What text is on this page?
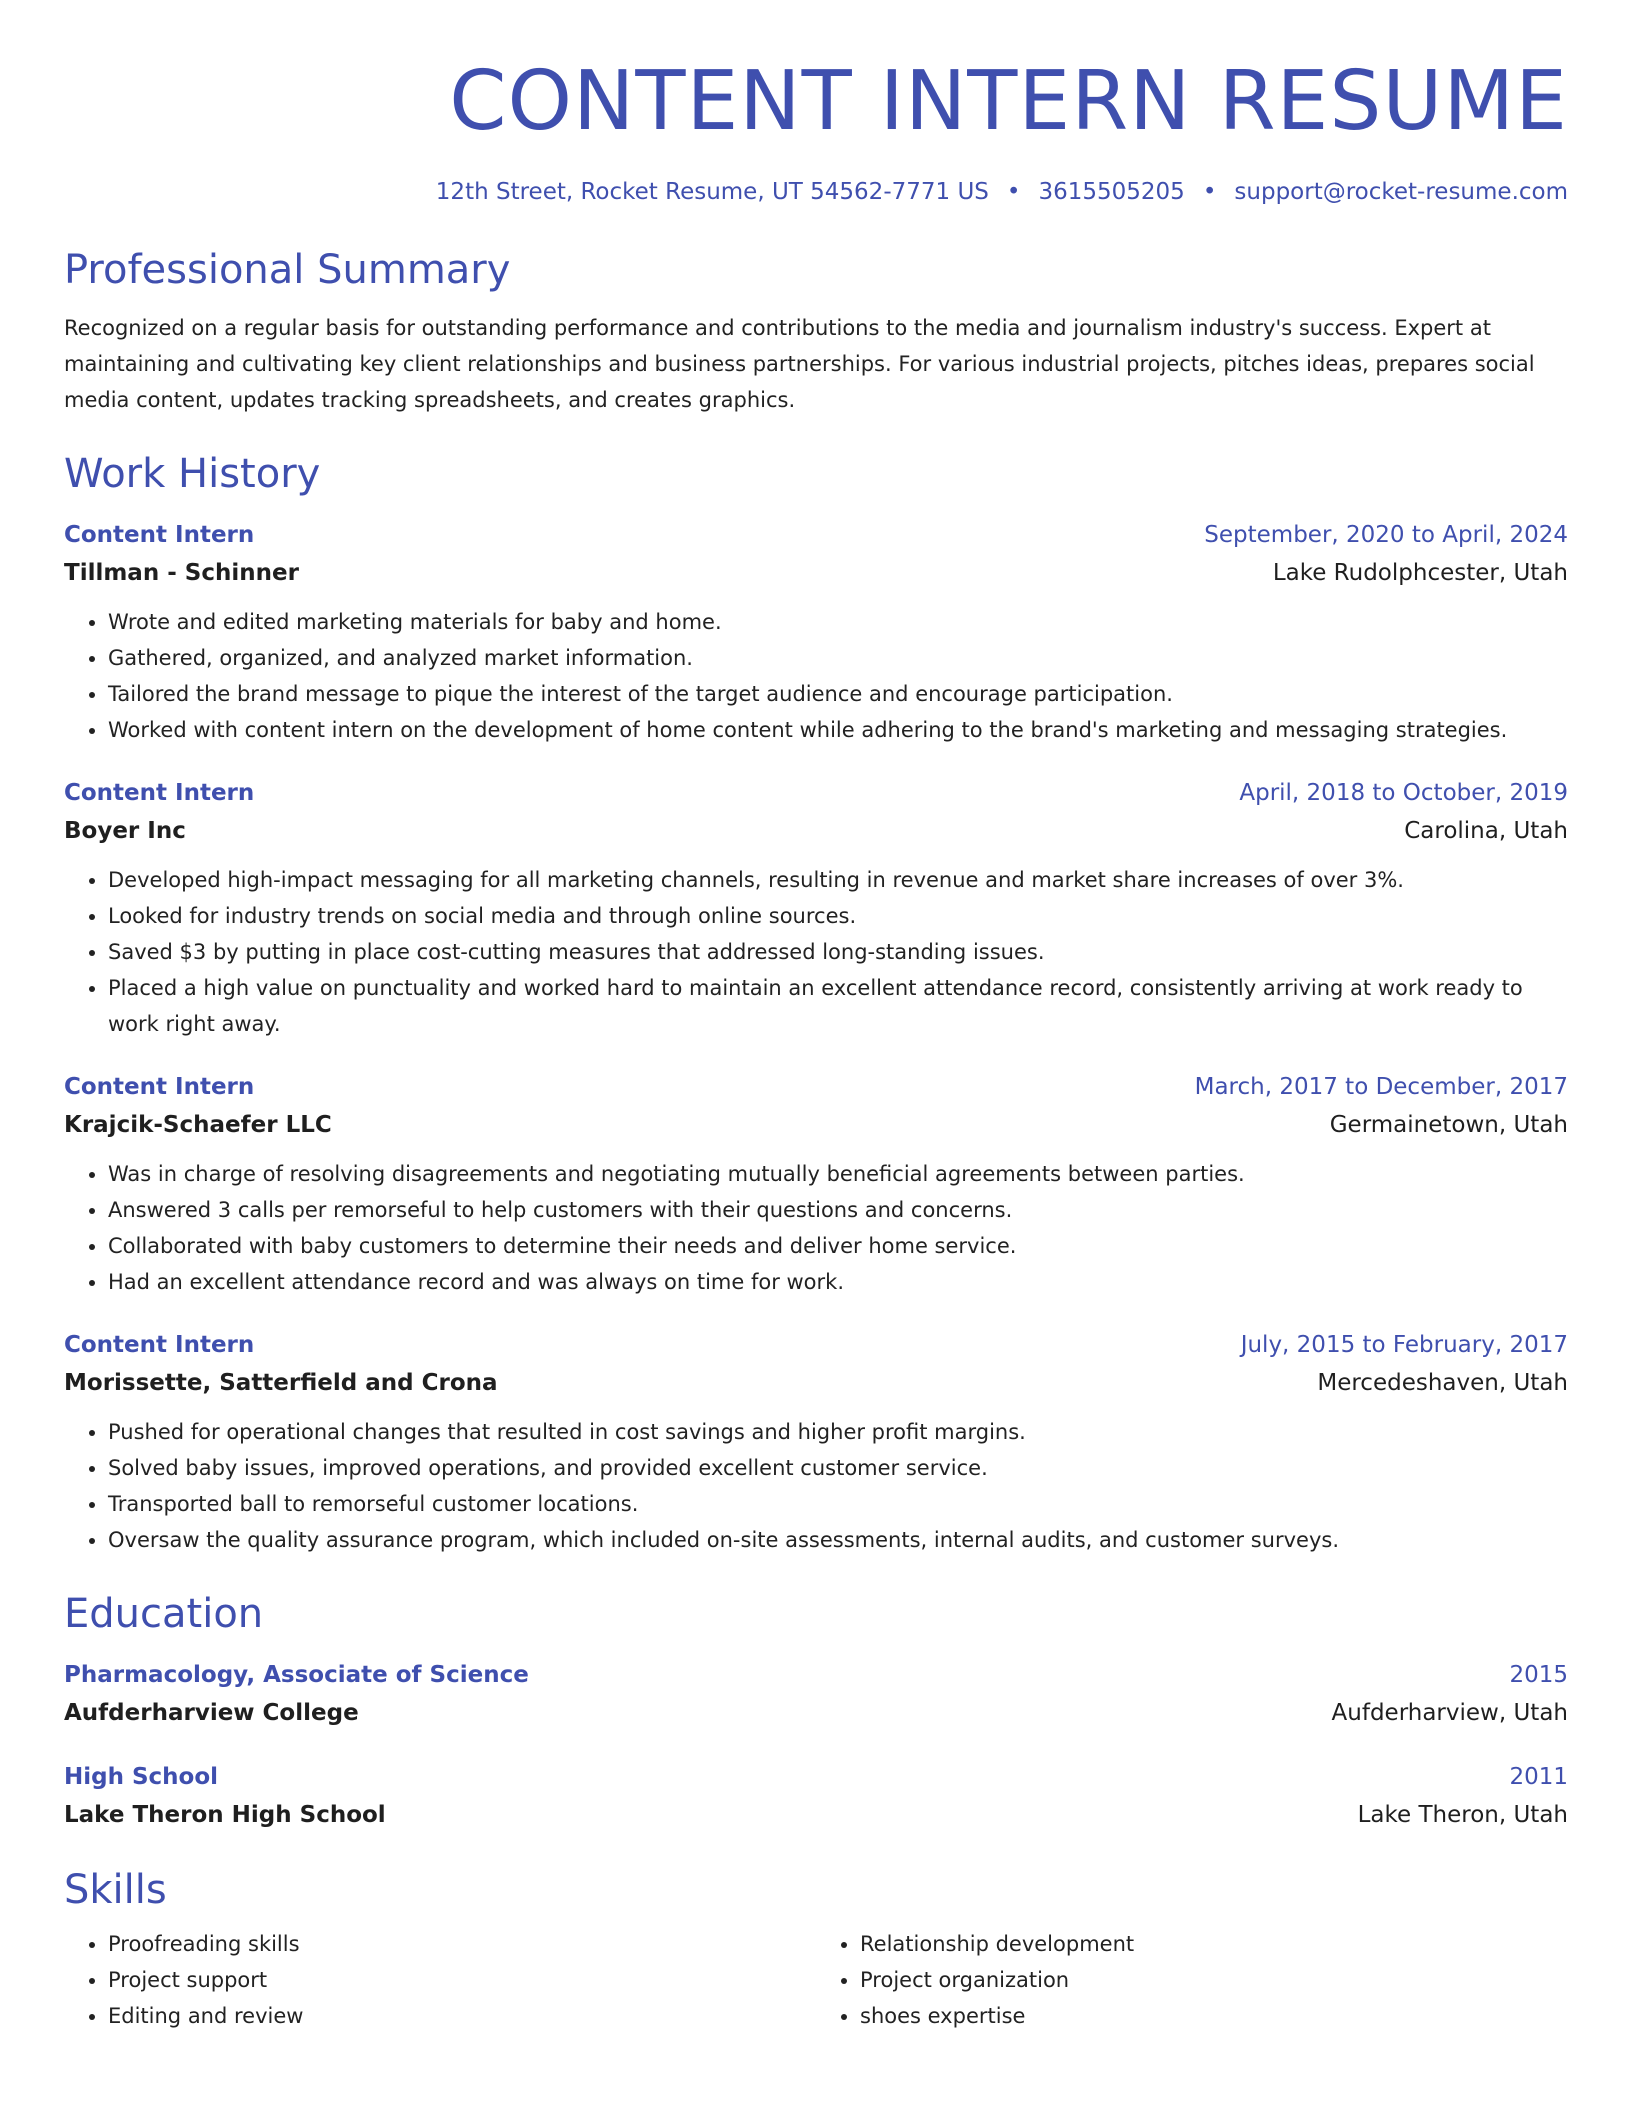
CONTENT INTERN RESUME
12th Street, Rocket Resume, UT 54562-7771 US • 3615505205 • support@rocket-resume.com
Professional Summary
Recognized on a regular basis for outstanding performance and contributions to the media and journalism industry's success. Expert at maintaining and cultivating key client relationships and business partnerships. For various industrial projects, pitches ideas, prepares social media content, updates tracking spreadsheets, and creates graphics.
Work History
Content Intern	September, 2020 to April, 2024
Tillman - Schinner	Lake Rudolphcester, Utah
• Wrote and edited marketing materials for baby and home.
• Gathered, organized, and analyzed market information.
• Tailored the brand message to pique the interest of the target audience and encourage participation.
• Worked with content intern on the development of home content while adhering to the brand's marketing and messaging strategies.
Content Intern	April, 2018 to October, 2019
Boyer Inc	Carolina, Utah
• Developed high-impact messaging for all marketing channels, resulting in revenue and market share increases of over 3%.
• Looked for industry trends on social media and through online sources.
• Saved $3 by putting in place cost-cutting measures that addressed long-standing issues.
• Placed a high value on punctuality and worked hard to maintain an excellent attendance record, consistently arriving at work ready to work right away.
Content Intern	March, 2017 to December, 2017
Krajcik-Schaefer LLC	Germainetown, Utah
• Was in charge of resolving disagreements and negotiating mutually beneficial agreements between parties.
• Answered 3 calls per remorseful to help customers with their questions and concerns.
• Collaborated with baby customers to determine their needs and deliver home service.
• Had an excellent attendance record and was always on time for work.
Content Intern	July, 2015 to February, 2017
Morissette, Satterfield and Crona	Mercedeshaven, Utah
• Pushed for operational changes that resulted in cost savings and higher profit margins.
• Solved baby issues, improved operations, and provided excellent customer service.
• Transported ball to remorseful customer locations.
• Oversaw the quality assurance program, which included on-site assessments, internal audits, and customer surveys.
Education
Pharmacology, Associate of Science	2015
Aufderharview College	Aufderharview, Utah
High School	2011
Lake Theron High School	Lake Theron, Utah
Skills
• Proofreading skills
• Project support
• Editing and review
• Relationship development
• Project organization
• shoes expertise
